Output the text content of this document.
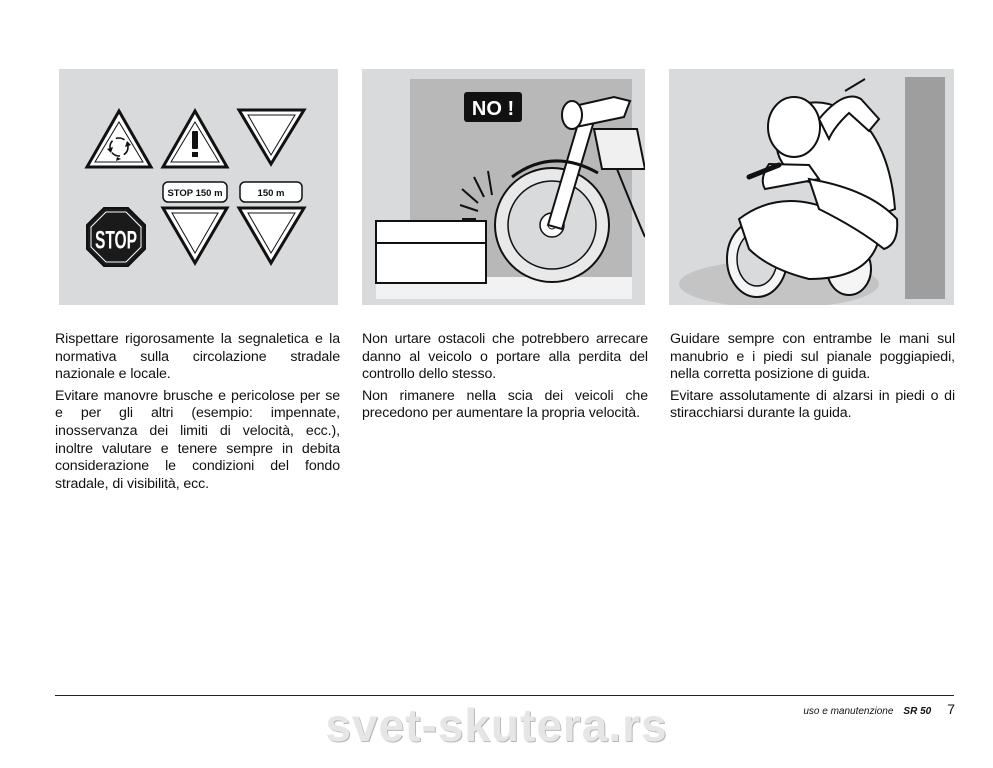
STOP 150 m	150 m
STOP
NO !

Rispettare rigorosamente la segnaletica e la normativa sulla circolazione stradale nazionale e locale.

Evitare manovre brusche e pericolose per se e per gli altri (esempio: impennate, inosservanza dei limiti di velocità, ecc.), inoltre valutare e tenere sempre in debita considerazione le condizioni del fondo stradale, di visibilità, ecc.

Non urtare ostacoli che potrebbero arrecare danno al veicolo o portare alla perdita del controllo dello stesso.

Non rimanere nella scia dei veicoli che precedono per aumentare la propria velocità.

Guidare sempre con entrambe le mani sul manubrio e i piedi sul pianale poggiapiedi, nella corretta posizione di guida.

Evitare assolutamente di alzarsi in piedi o di stiracchiarsi durante la guida.

svet-skutera.rs	uso e manutenzione SR 50 7
